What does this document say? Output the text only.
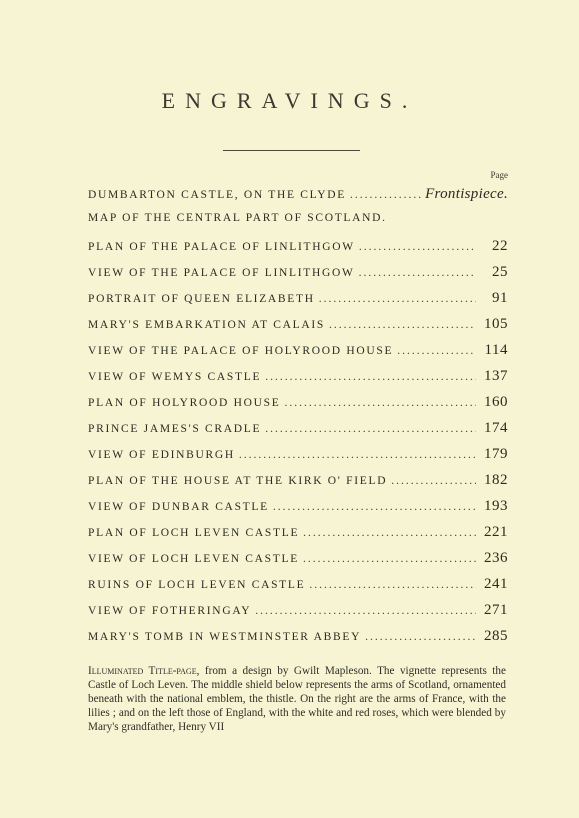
ENGRAVINGS.
Page
DUMBARTON CASTLE, ON THE CLYDE .....	Frontispiece.
MAP OF THE CENTRAL PART OF SCOTLAND.
PLAN OF THE PALACE OF LINLITHGOW .....	22
VIEW OF THE PALACE OF LINLITHGOW .....	25
PORTRAIT OF QUEEN ELIZABETH .....	91
MARY'S EMBARKATION AT CALAIS .....	105
VIEW OF THE PALACE OF HOLYROOD HOUSE .....	114
VIEW OF WEMYS CASTLE .....	137
PLAN OF HOLYROOD HOUSE .....	160
PRINCE JAMES'S CRADLE .....	174
VIEW OF EDINBURGH .....	179
PLAN OF THE HOUSE AT THE KIRK O' FIELD .....	182
VIEW OF DUNBAR CASTLE .....	193
PLAN OF LOCH LEVEN CASTLE .....	221
VIEW OF LOCH LEVEN CASTLE .....	236
RUINS OF LOCH LEVEN CASTLE .....	241
VIEW OF FOTHERINGAY .....	271
MARY'S TOMB IN WESTMINSTER ABBEY .....	285
Illuminated Title-page, from a design by Gwilt Mapleson. The vignette represents the Castle of Loch Leven. The middle shield below represents the arms of Scotland, ornamented beneath with the national emblem, the thistle. On the right are the arms of France, with the lilies ; and on the left those of England, with the white and red roses, which were blended by Mary's grandfather, Henry VII
